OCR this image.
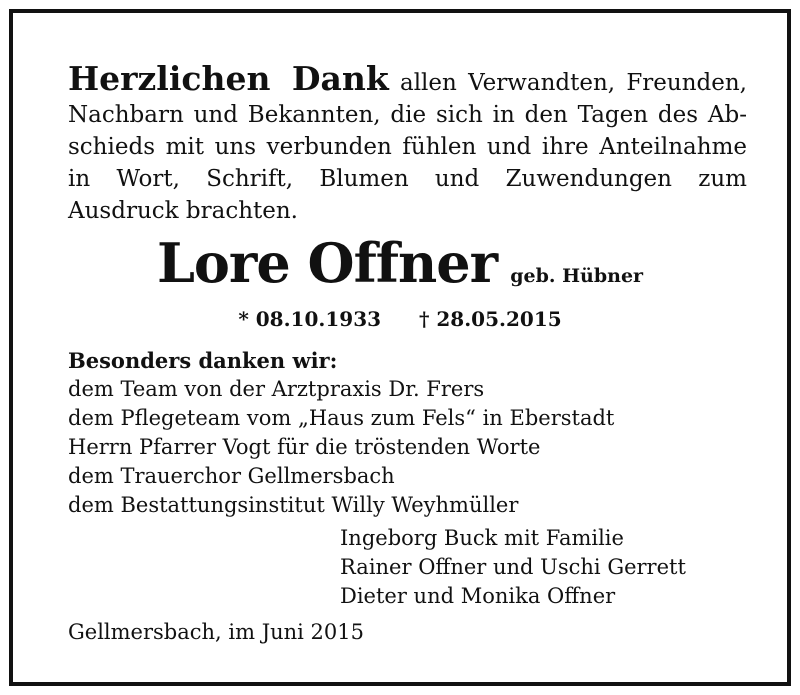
Herzlichen Dank allen Verwandten, Freunden, Nachbarn und Bekannten, die sich in den Tagen des Abschieds mit uns verbunden fühlen und ihre Anteilnahme in Wort, Schrift, Blumen und Zuwendungen zum Ausdruck brachten.
Lore Offner geb. Hübner
* 08.10.1933 † 28.05.2015
Besonders danken wir:
dem Team von der Arztpraxis Dr. Frers
dem Pflegeteam vom „Haus zum Fels“ in Eberstadt
Herrn Pfarrer Vogt für die tröstenden Worte
dem Trauerchor Gellmersbach
dem Bestattungsinstitut Willy Weyhmüller
Ingeborg Buck mit Familie
Rainer Offner und Uschi Gerrett
Dieter und Monika Offner
Gellmersbach, im Juni 2015
